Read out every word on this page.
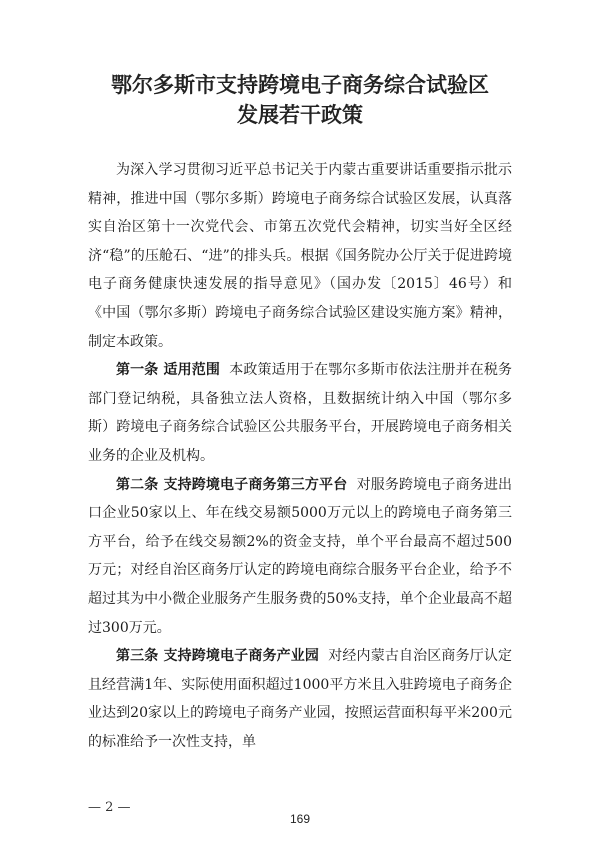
鄂尔多斯市支持跨境电子商务综合试验区
发展若干政策

为深入学习贯彻习近平总书记关于内蒙古重要讲话重要指示批示精神，推进中国（鄂尔多斯）跨境电子商务综合试验区发展，认真落实自治区第十一次党代会、市第五次党代会精神，切实当好全区经济“稳”的压舱石、“进”的排头兵。根据《国务院办公厅关于促进跨境电子商务健康快速发展的指导意见》（国办发〔2015〕46号）和《中国（鄂尔多斯）跨境电子商务综合试验区建设实施方案》精神，制定本政策。

第一条 适用范围 本政策适用于在鄂尔多斯市依法注册并在税务部门登记纳税，具备独立法人资格，且数据统计纳入中国（鄂尔多斯）跨境电子商务综合试验区公共服务平台，开展跨境电子商务相关业务的企业及机构。

第二条 支持跨境电子商务第三方平台 对服务跨境电子商务进出口企业50家以上、年在线交易额5000万元以上的跨境电子商务第三方平台，给予在线交易额2%的资金支持，单个平台最高不超过500万元；对经自治区商务厅认定的跨境电商综合服务平台企业，给予不超过其为中小微企业服务产生服务费的50%支持，单个企业最高不超过300万元。

第三条 支持跨境电子商务产业园 对经内蒙古自治区商务厅认定且经营满1年、实际使用面积超过1000平方米且入驻跨境电子商务企业达到20家以上的跨境电子商务产业园，按照运营面积每平米200元的标准给予一次性支持，单

— 2 —
169
